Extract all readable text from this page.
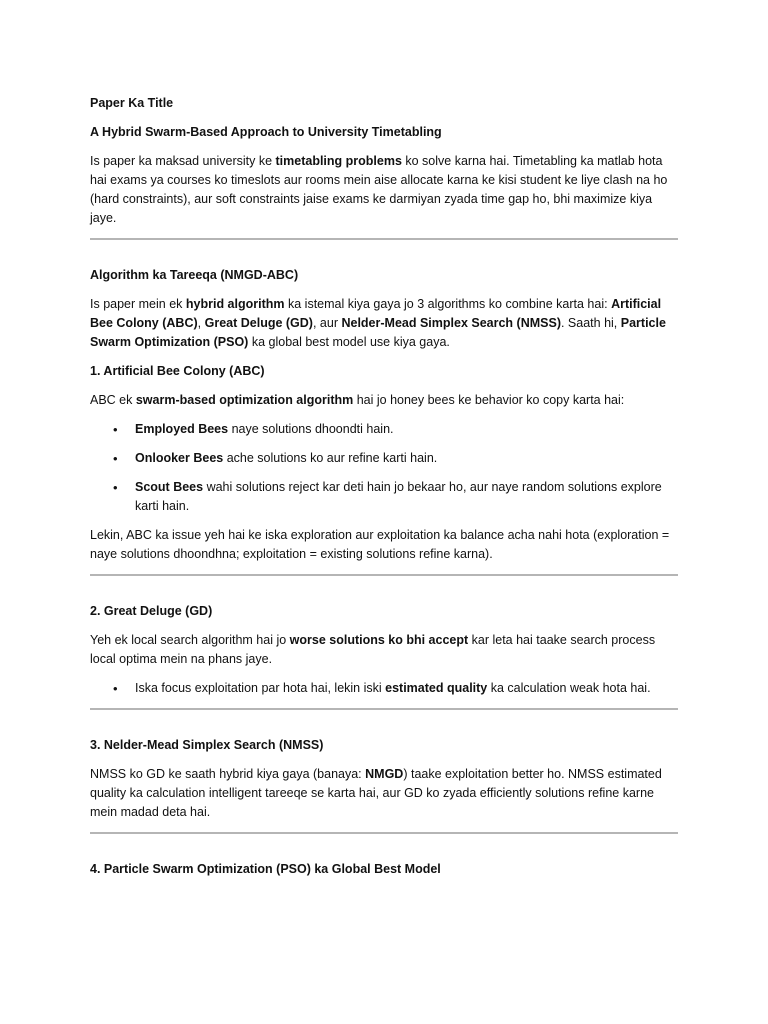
Paper Ka Title

A Hybrid Swarm-Based Approach to University Timetabling

Is paper ka maksad university ke timetabling problems ko solve karna hai. Timetabling ka matlab hota hai exams ya courses ko timeslots aur rooms mein aise allocate karna ke kisi student ke liye clash na ho (hard constraints), aur soft constraints jaise exams ke darmiyan zyada time gap ho, bhi maximize kiya jaye.

Algorithm ka Tareeqa (NMGD-ABC)

Is paper mein ek hybrid algorithm ka istemal kiya gaya jo 3 algorithms ko combine karta hai: Artificial Bee Colony (ABC), Great Deluge (GD), aur Nelder-Mead Simplex Search (NMSS). Saath hi, Particle Swarm Optimization (PSO) ka global best model use kiya gaya.

1. Artificial Bee Colony (ABC)

ABC ek swarm-based optimization algorithm hai jo honey bees ke behavior ko copy karta hai:

• Employed Bees naye solutions dhoondti hain.
• Onlooker Bees ache solutions ko aur refine karti hain.
• Scout Bees wahi solutions reject kar deti hain jo bekaar ho, aur naye random solutions explore karti hain.

Lekin, ABC ka issue yeh hai ke iska exploration aur exploitation ka balance acha nahi hota (exploration = naye solutions dhoondhna; exploitation = existing solutions refine karna).

2. Great Deluge (GD)

Yeh ek local search algorithm hai jo worse solutions ko bhi accept kar leta hai taake search process local optima mein na phans jaye.

• Iska focus exploitation par hota hai, lekin iski estimated quality ka calculation weak hota hai.
3. Nelder-Mead Simplex Search (NMSS)

NMSS ko GD ke saath hybrid kiya gaya (banaya: NMGD) taake exploitation better ho. NMSS estimated quality ka calculation intelligent tareeqe se karta hai, aur GD ko zyada efficiently solutions refine karne mein madad deta hai.

4. Particle Swarm Optimization (PSO) ka Global Best Model
